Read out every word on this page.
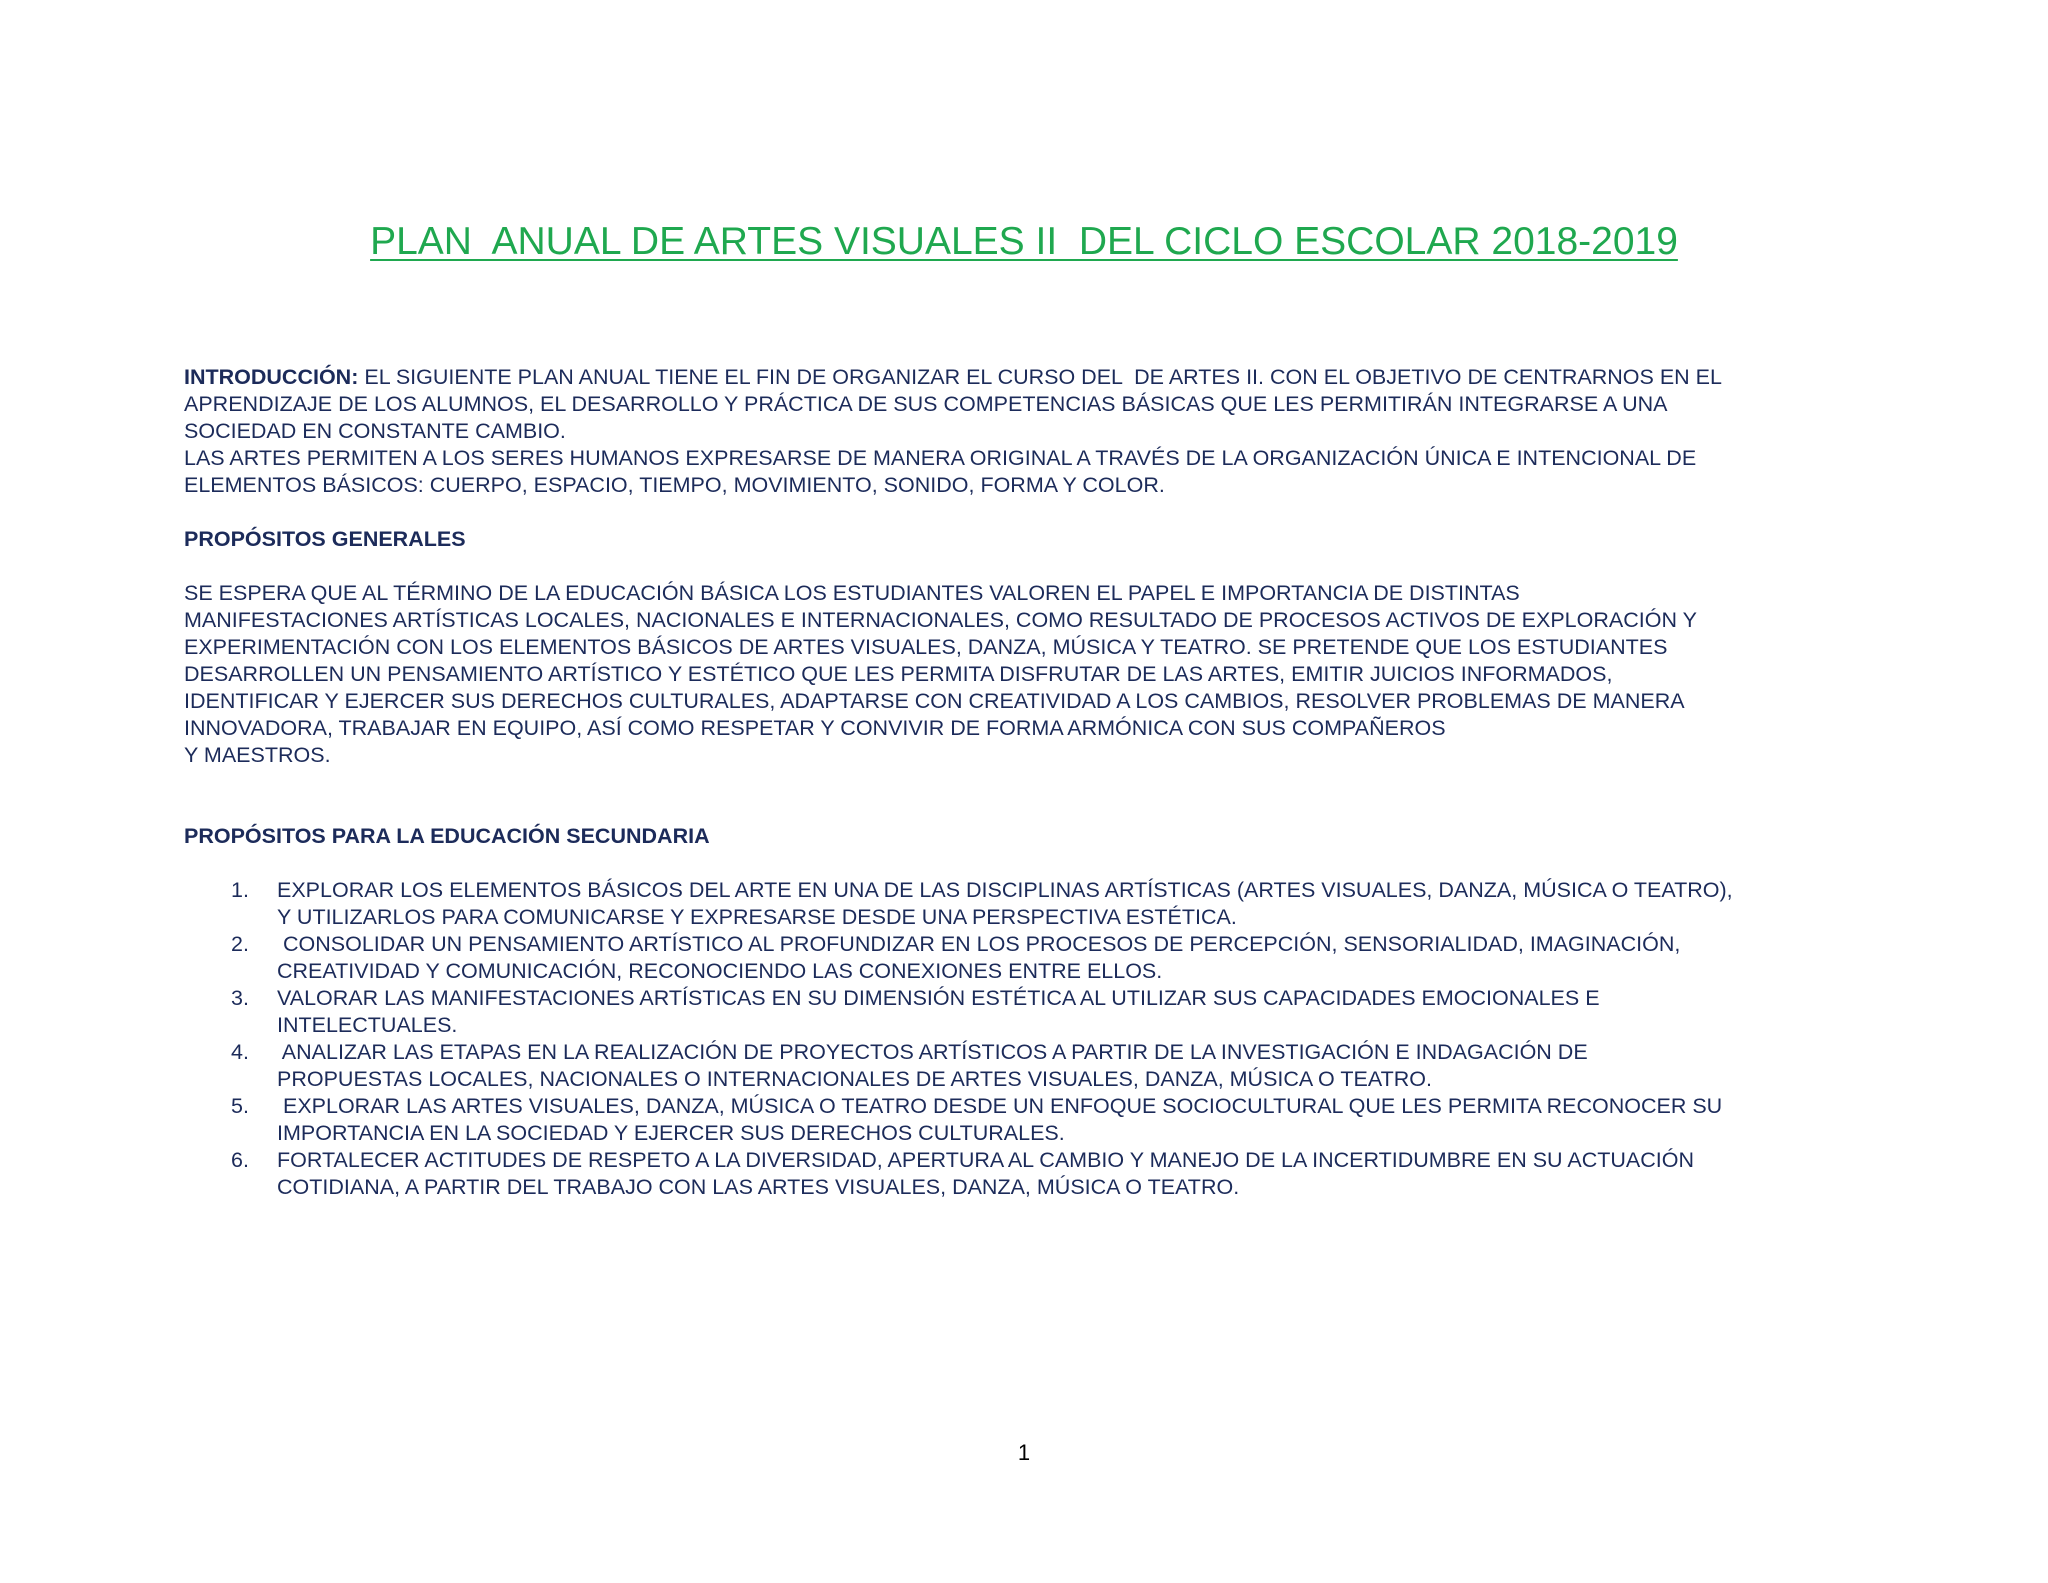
PLAN  ANUAL DE ARTES VISUALES II  DEL CICLO ESCOLAR 2018-2019
INTRODUCCIÓN: EL SIGUIENTE PLAN ANUAL TIENE EL FIN DE ORGANIZAR EL CURSO DEL  DE ARTES II. CON EL OBJETIVO DE CENTRARNOS EN EL
APRENDIZAJE DE LOS ALUMNOS, EL DESARROLLO Y PRÁCTICA DE SUS COMPETENCIAS BÁSICAS QUE LES PERMITIRÁN INTEGRARSE A UNA
SOCIEDAD EN CONSTANTE CAMBIO.
LAS ARTES PERMITEN A LOS SERES HUMANOS EXPRESARSE DE MANERA ORIGINAL A TRAVÉS DE LA ORGANIZACIÓN ÚNICA E INTENCIONAL DE
ELEMENTOS BÁSICOS: CUERPO, ESPACIO, TIEMPO, MOVIMIENTO, SONIDO, FORMA Y COLOR.
PROPÓSITOS GENERALES
SE ESPERA QUE AL TÉRMINO DE LA EDUCACIÓN BÁSICA LOS ESTUDIANTES VALOREN EL PAPEL E IMPORTANCIA DE DISTINTAS
MANIFESTACIONES ARTÍSTICAS LOCALES, NACIONALES E INTERNACIONALES, COMO RESULTADO DE PROCESOS ACTIVOS DE EXPLORACIÓN Y
EXPERIMENTACIÓN CON LOS ELEMENTOS BÁSICOS DE ARTES VISUALES, DANZA, MÚSICA Y TEATRO. SE PRETENDE QUE LOS ESTUDIANTES
DESARROLLEN UN PENSAMIENTO ARTÍSTICO Y ESTÉTICO QUE LES PERMITA DISFRUTAR DE LAS ARTES, EMITIR JUICIOS INFORMADOS,
IDENTIFICAR Y EJERCER SUS DERECHOS CULTURALES, ADAPTARSE CON CREATIVIDAD A LOS CAMBIOS, RESOLVER PROBLEMAS DE MANERA
INNOVADORA, TRABAJAR EN EQUIPO, ASÍ COMO RESPETAR Y CONVIVIR DE FORMA ARMÓNICA CON SUS COMPAÑEROS
Y MAESTROS.
PROPÓSITOS PARA LA EDUCACIÓN SECUNDARIA
1. EXPLORAR LOS ELEMENTOS BÁSICOS DEL ARTE EN UNA DE LAS DISCIPLINAS ARTÍSTICAS (ARTES VISUALES, DANZA, MÚSICA O TEATRO),
Y UTILIZARLOS PARA COMUNICARSE Y EXPRESARSE DESDE UNA PERSPECTIVA ESTÉTICA.
2. CONSOLIDAR UN PENSAMIENTO ARTÍSTICO AL PROFUNDIZAR EN LOS PROCESOS DE PERCEPCIÓN, SENSORIALIDAD, IMAGINACIÓN,
CREATIVIDAD Y COMUNICACIÓN, RECONOCIENDO LAS CONEXIONES ENTRE ELLOS.
3. VALORAR LAS MANIFESTACIONES ARTÍSTICAS EN SU DIMENSIÓN ESTÉTICA AL UTILIZAR SUS CAPACIDADES EMOCIONALES E
INTELECTUALES.
4. ANALIZAR LAS ETAPAS EN LA REALIZACIÓN DE PROYECTOS ARTÍSTICOS A PARTIR DE LA INVESTIGACIÓN E INDAGACIÓN DE
PROPUESTAS LOCALES, NACIONALES O INTERNACIONALES DE ARTES VISUALES, DANZA, MÚSICA O TEATRO.
5. EXPLORAR LAS ARTES VISUALES, DANZA, MÚSICA O TEATRO DESDE UN ENFOQUE SOCIOCULTURAL QUE LES PERMITA RECONOCER SU
IMPORTANCIA EN LA SOCIEDAD Y EJERCER SUS DERECHOS CULTURALES.
6. FORTALECER ACTITUDES DE RESPETO A LA DIVERSIDAD, APERTURA AL CAMBIO Y MANEJO DE LA INCERTIDUMBRE EN SU ACTUACIÓN
COTIDIANA, A PARTIR DEL TRABAJO CON LAS ARTES VISUALES, DANZA, MÚSICA O TEATRO.
1
